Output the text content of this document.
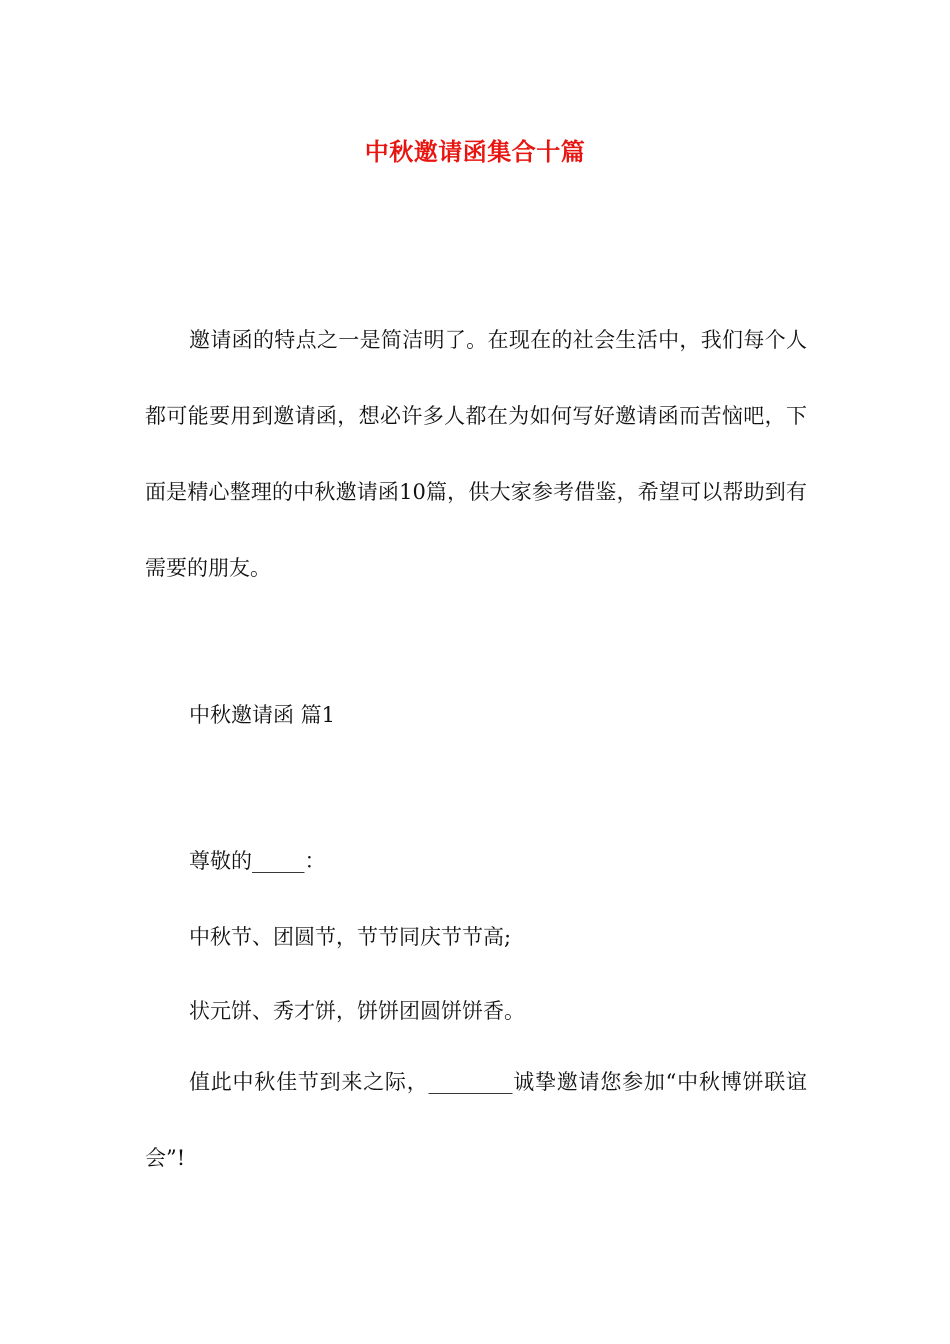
中秋邀请函集合十篇
邀请函的特点之一是简洁明了。在现在的社会生活中，我们每个人都可能要用到邀请函，想必许多人都在为如何写好邀请函而苦恼吧，下面是精心整理的中秋邀请函10篇，供大家参考借鉴，希望可以帮助到有需要的朋友。
中秋邀请函 篇1
尊敬的_____：
中秋节、团圆节，节节同庆节节高;
状元饼、秀才饼，饼饼团圆饼饼香。
值此中秋佳节到来之际，________诚挚邀请您参加“中秋博饼联谊会”!
